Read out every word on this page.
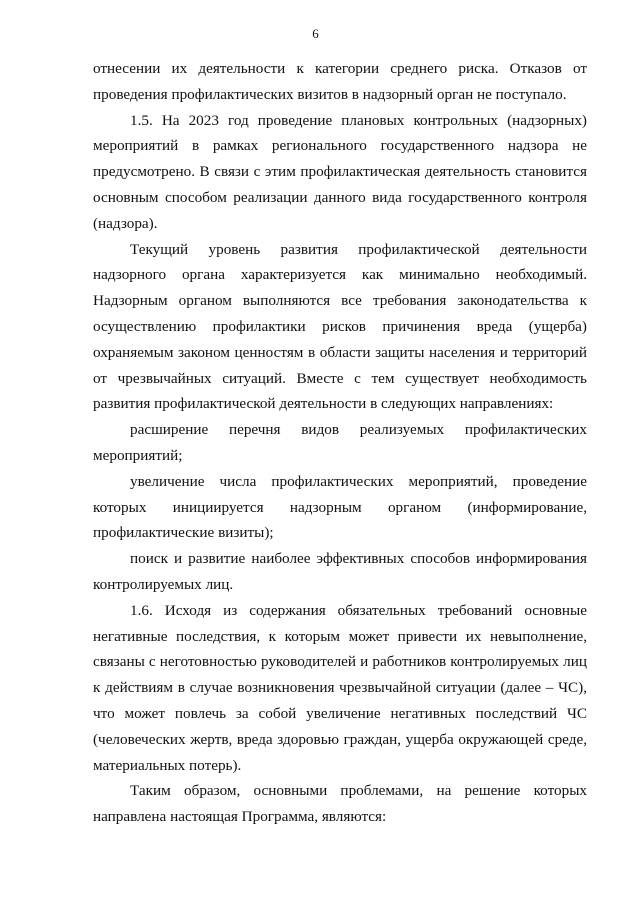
6

отнесении их деятельности к категории среднего риска. Отказов от проведения профилактических визитов в надзорный орган не поступало.

1.5. На 2023 год проведение плановых контрольных (надзорных) мероприятий в рамках регионального государственного надзора не предусмотрено. В связи с этим профилактическая деятельность становится основным способом реализации данного вида государственного контроля (надзора).

Текущий уровень развития профилактической деятельности надзорного органа характеризуется как минимально необходимый. Надзорным органом выполняются все требования законодательства к осуществлению профилактики рисков причинения вреда (ущерба) охраняемым законом ценностям в области защиты населения и территорий от чрезвычайных ситуаций. Вместе с тем существует необходимость развития профилактической деятельности в следующих направлениях:

расширение перечня видов реализуемых профилактических мероприятий;

увеличение числа профилактических мероприятий, проведение которых инициируется надзорным органом (информирование, профилактические визиты);

поиск и развитие наиболее эффективных способов информирования контролируемых лиц.

1.6. Исходя из содержания обязательных требований основные негативные последствия, к которым может привести их невыполнение, связаны с неготовностью руководителей и работников контролируемых лиц к действиям в случае возникновения чрезвычайной ситуации (далее – ЧС), что может повлечь за собой увеличение негативных последствий ЧС (человеческих жертв, вреда здоровью граждан, ущерба окружающей среде, материальных потерь).

Таким образом, основными проблемами, на решение которых направлена настоящая Программа, являются:
